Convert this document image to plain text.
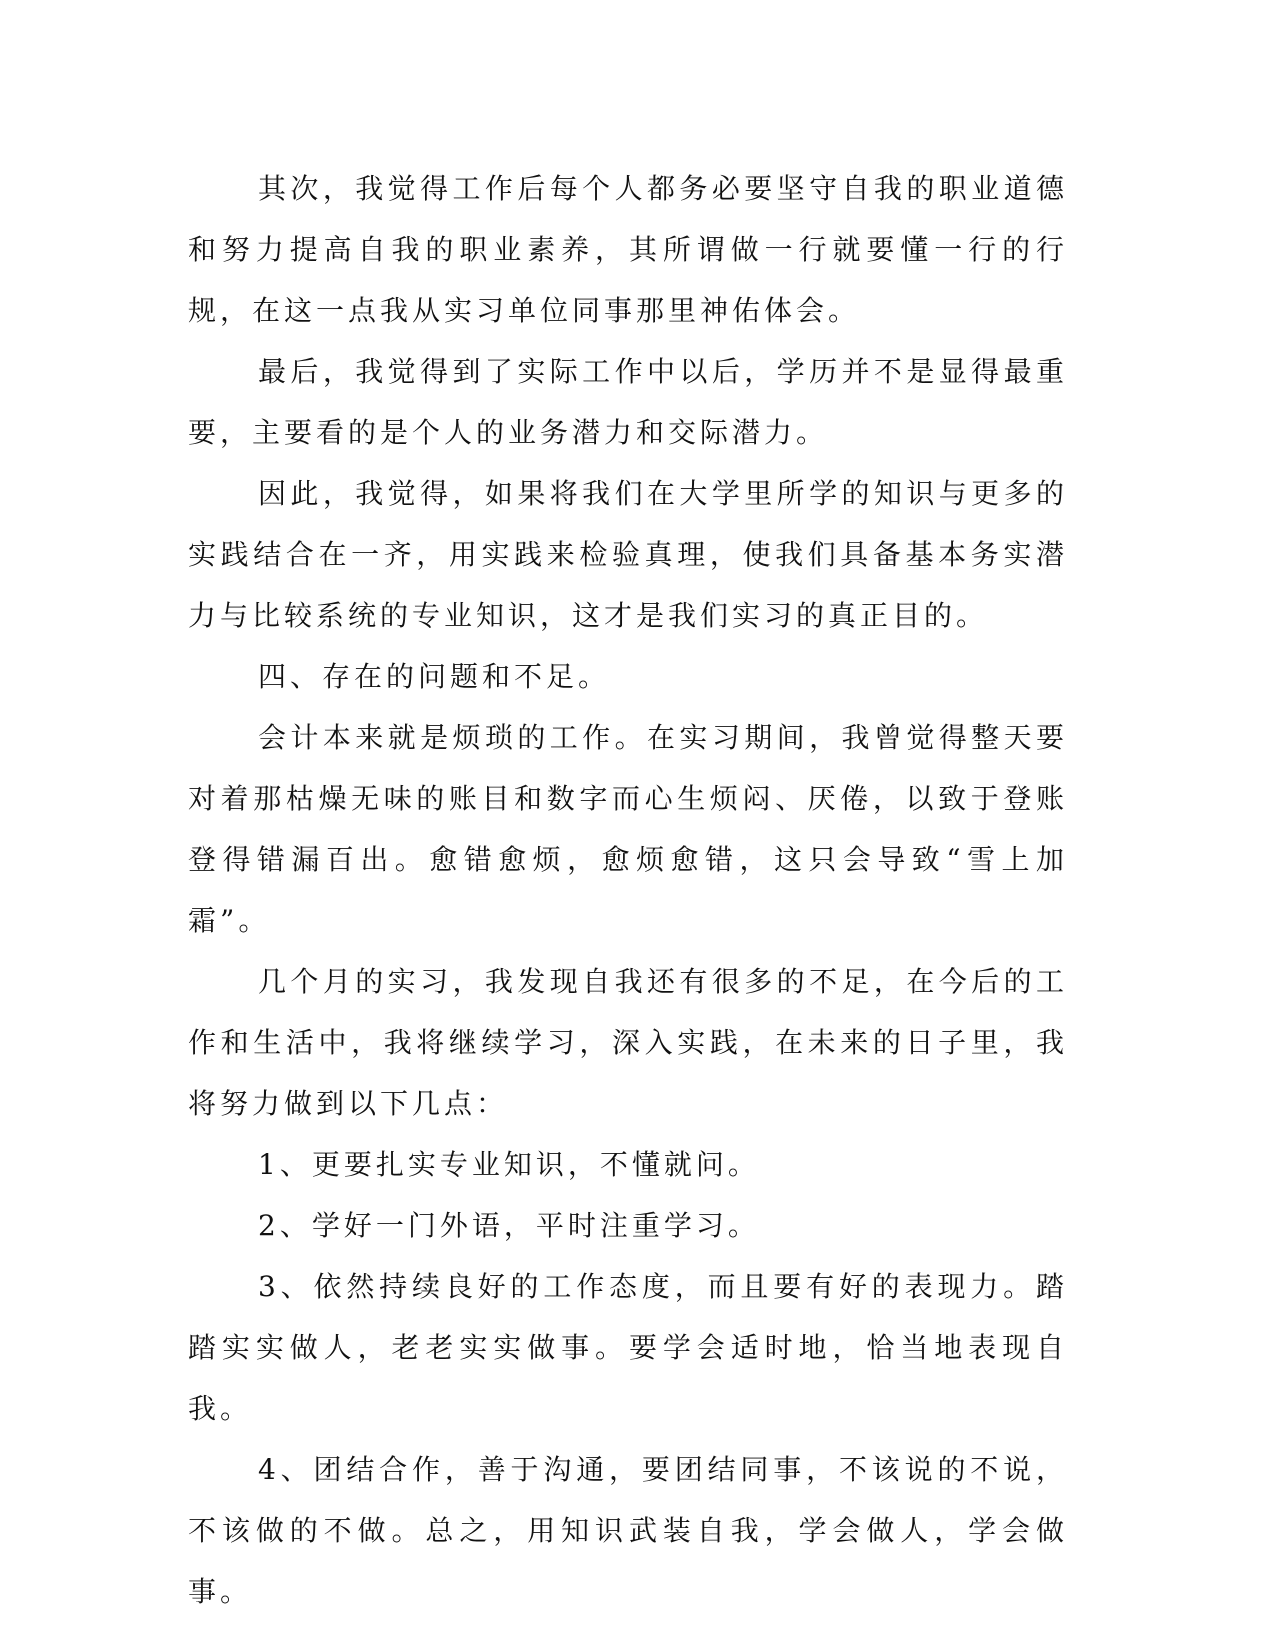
其次，我觉得工作后每个人都务必要坚守自我的职业道德和努力提高自我的职业素养，其所谓做一行就要懂一行的行规，在这一点我从实习单位同事那里神佑体会。

最后，我觉得到了实际工作中以后，学历并不是显得最重要，主要看的是个人的业务潜力和交际潜力。

因此，我觉得，如果将我们在大学里所学的知识与更多的实践结合在一齐，用实践来检验真理，使我们具备基本务实潜力与比较系统的专业知识，这才是我们实习的真正目的。

四、存在的问题和不足。

会计本来就是烦琐的工作。在实习期间，我曾觉得整天要对着那枯燥无味的账目和数字而心生烦闷、厌倦，以致于登账登得错漏百出。愈错愈烦，愈烦愈错，这只会导致“雪上加霜”。

几个月的实习，我发现自我还有很多的不足，在今后的工作和生活中，我将继续学习，深入实践，在未来的日子里，我将努力做到以下几点：

1、更要扎实专业知识，不懂就问。

2、学好一门外语，平时注重学习。

3、依然持续良好的工作态度，而且要有好的表现力。踏踏实实做人，老老实实做事。要学会适时地，恰当地表现自我。

4、团结合作，善于沟通，要团结同事，不该说的不说，不该做的不做。总之，用知识武装自我，学会做人，学会做事。
